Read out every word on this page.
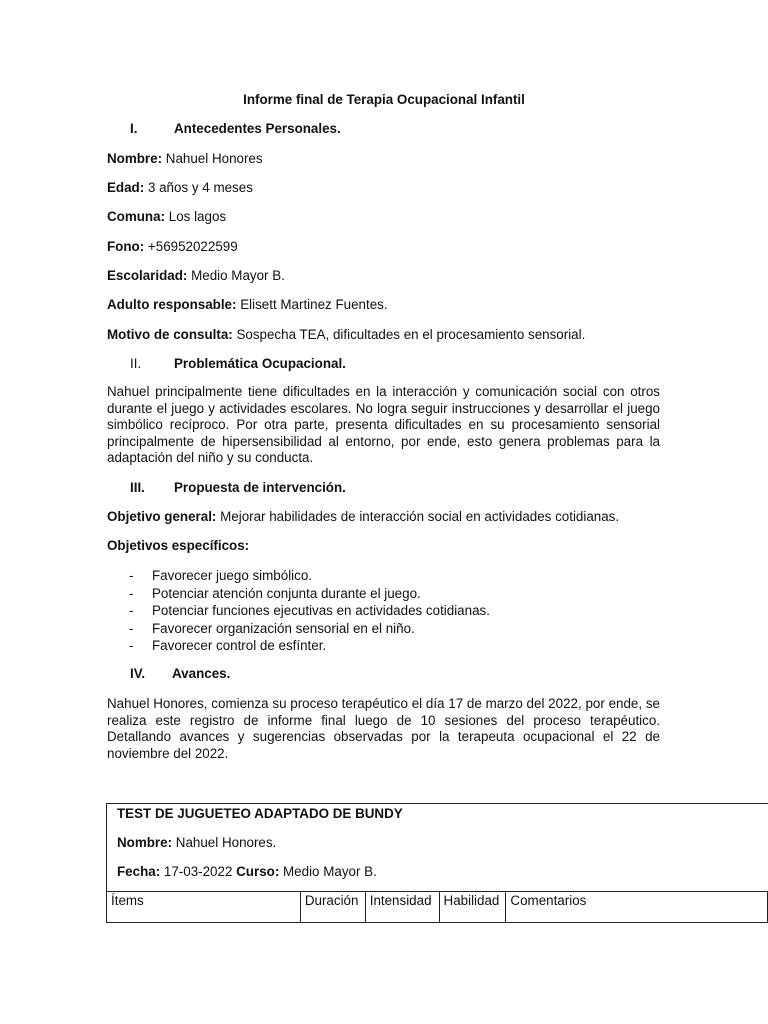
Informe final de Terapia Ocupacional Infantil
I.	Antecedentes Personales.
Nombre: Nahuel Honores
Edad: 3 años y 4 meses
Comuna: Los lagos
Fono: +56952022599
Escolaridad: Medio Mayor B.
Adulto responsable: Elisett Martinez Fuentes.
Motivo de consulta: Sospecha TEA, dificultades en el procesamiento sensorial.
II.	Problemática Ocupacional.
Nahuel principalmente tiene dificultades en la interacción y comunicación social con otros durante el juego y actividades escolares. No logra seguir instrucciones y desarrollar el juego simbólico recíproco. Por otra parte, presenta dificultades en su procesamiento sensorial principalmente de hipersensibilidad al entorno, por ende, esto genera problemas para la adaptación del niño y su conducta.
III.	Propuesta de intervención.
Objetivo general: Mejorar habilidades de interacción social en actividades cotidianas.
Objetivos específicos:
- Favorecer juego simbólico.
- Potenciar atención conjunta durante el juego.
- Potenciar funciones ejecutivas en actividades cotidianas.
- Favorecer organización sensorial en el niño.
- Favorecer control de esfínter.
IV.	Avances.
Nahuel Honores, comienza su proceso terapéutico el día 17 de marzo del 2022, por ende, se realiza este registro de informe final luego de 10 sesiones del proceso terapéutico. Detallando avances y sugerencias observadas por la terapeuta ocupacional el 22 de noviembre del 2022.
TEST DE JUGUETEO ADAPTADO DE BUNDY
Nombre: Nahuel Honores.
Fecha: 17-03-2022 Curso: Medio Mayor B.
Ítems	Duración	Intensidad	Habilidad	Comentarios
